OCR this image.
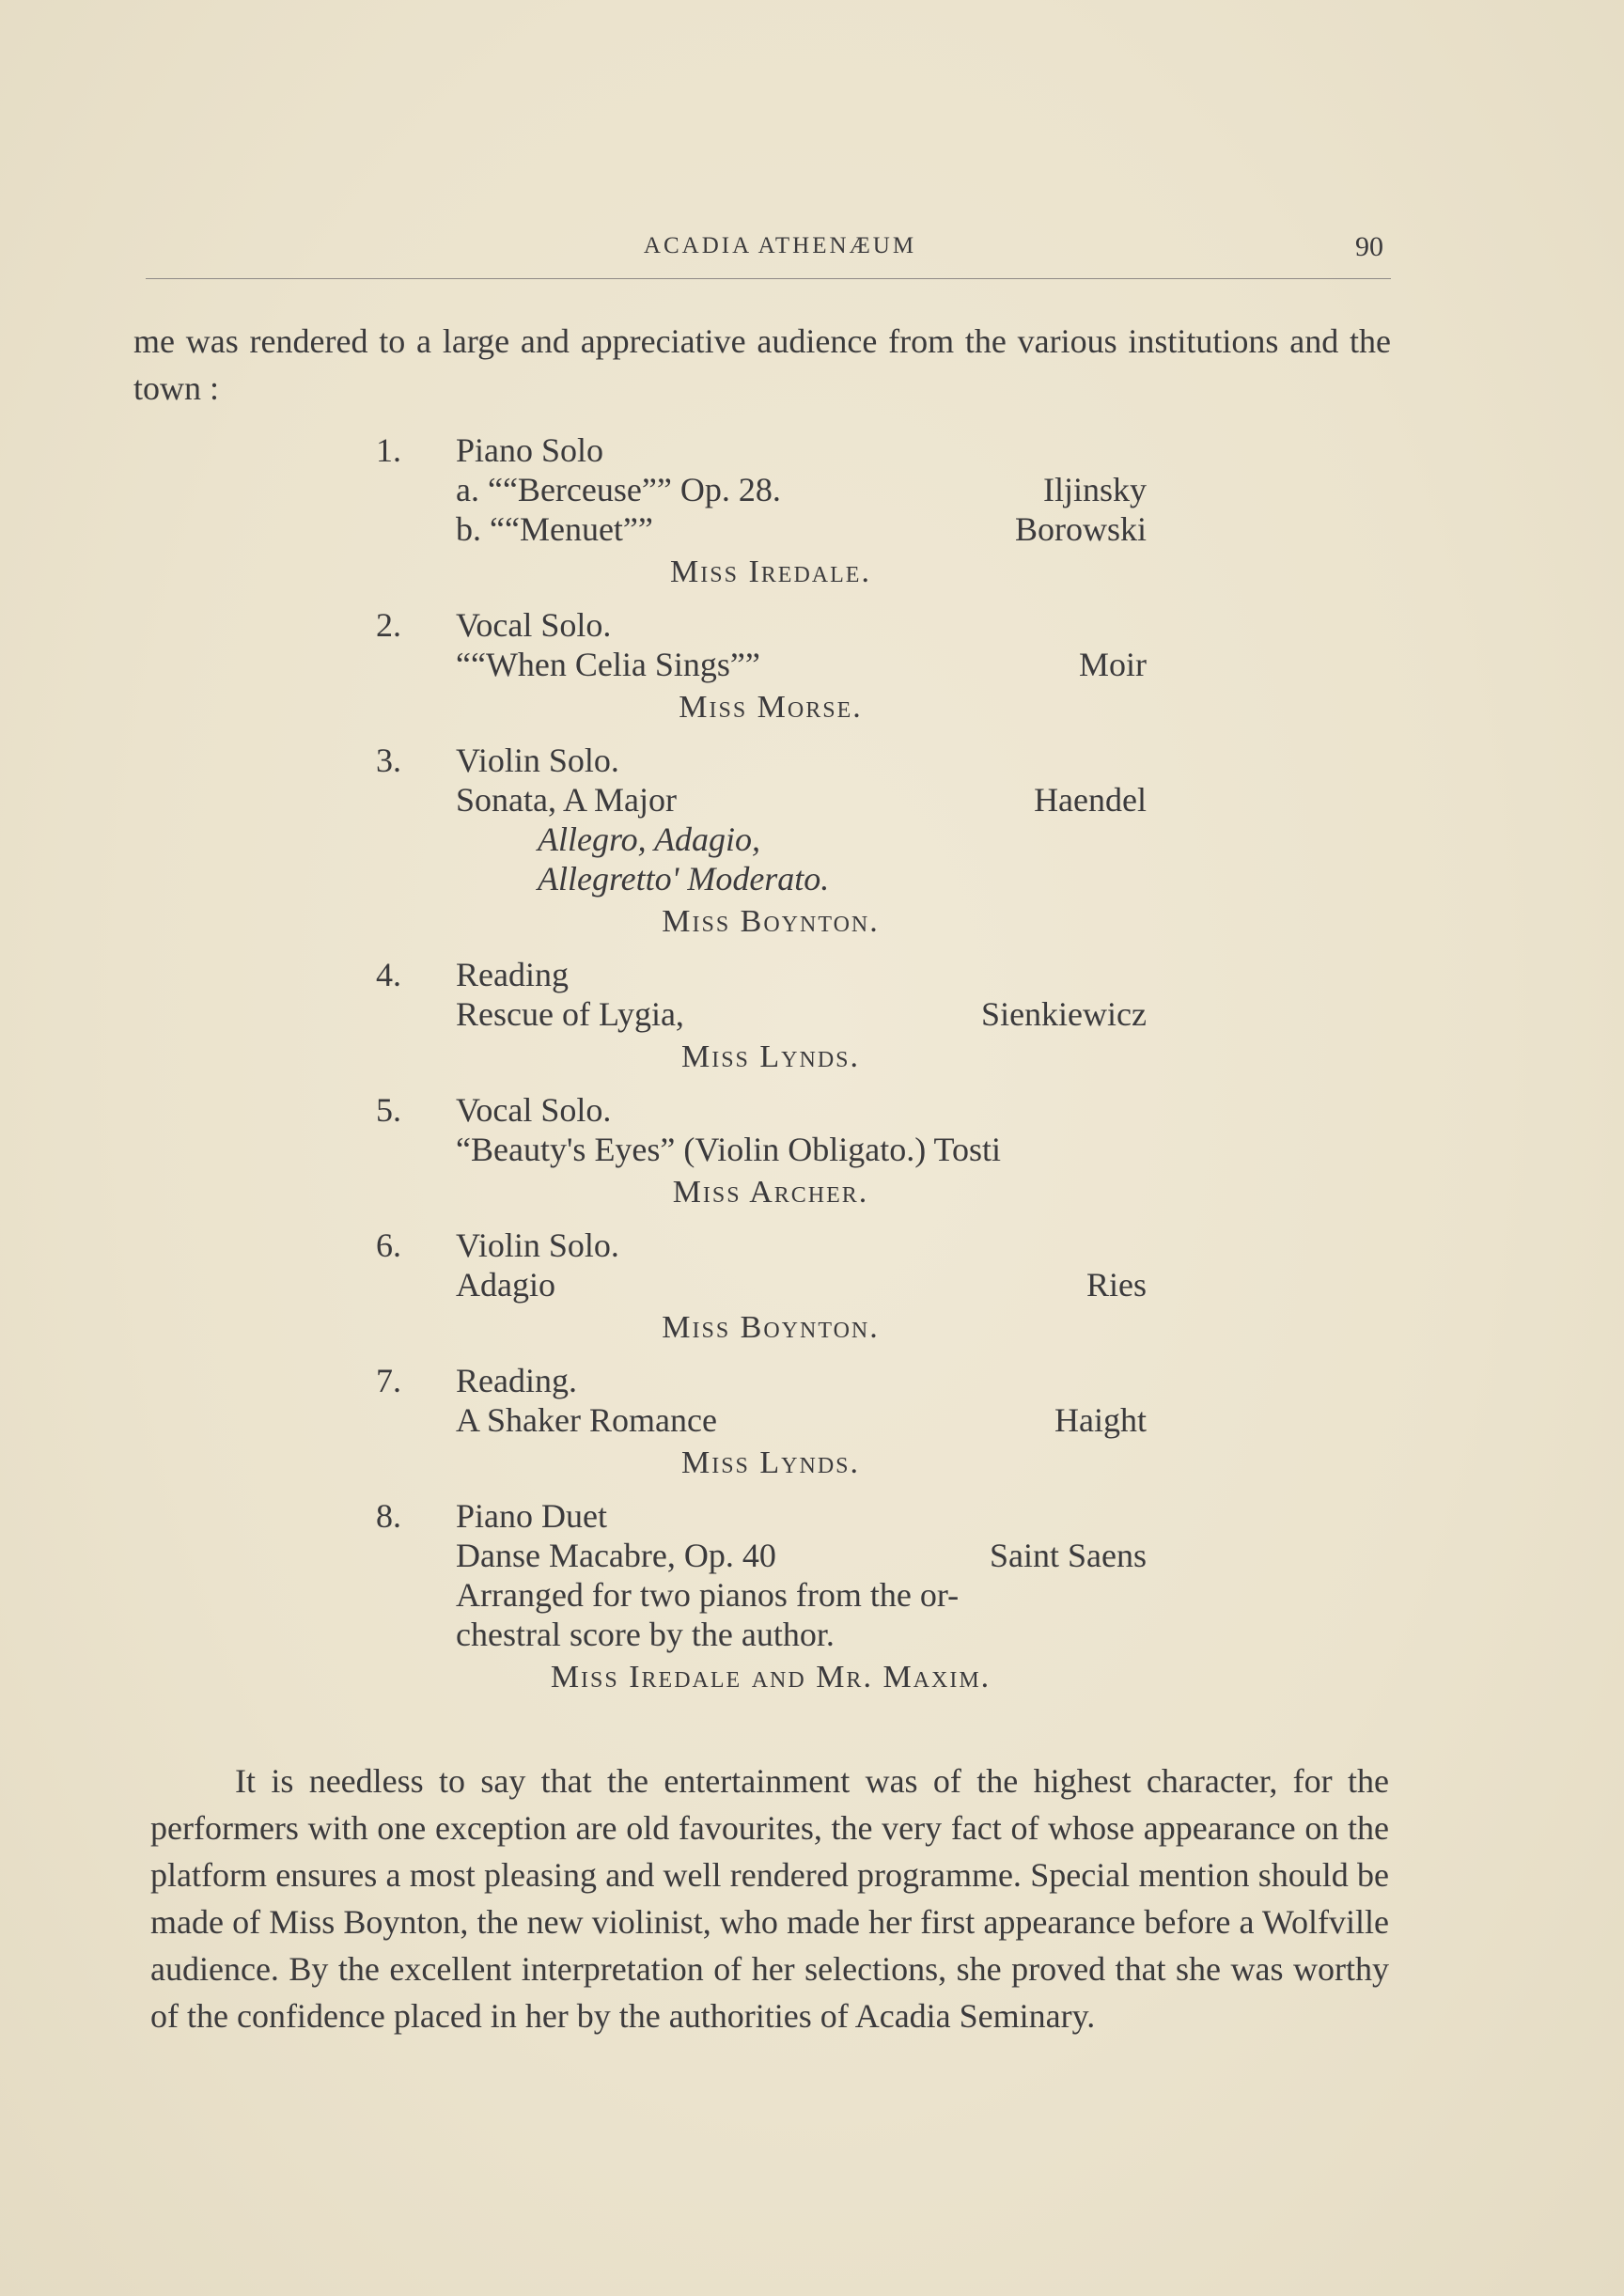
ACADIA ATHENÆUM	90
me was rendered to a large and appreciative audience from the various institutions and the town :
1.	Piano Solo
a. ““Berceuse”” Op. 28.	Iljinsky
b. ““Menuet””	Borowski
Miss Iredale.
2.	Vocal Solo.
““When Celia Sings””	Moir
Miss Morse.
3.	Violin Solo.
Sonata, A Major	Haendel
Allegro, Adagio,
Allegretto' Moderato.
Miss Boynton.
4.	Reading
Rescue of Lygia,	Sienkiewicz
Miss Lynds.
5.	Vocal Solo.
“Beauty's Eyes” (Violin Obligato.) Tosti
Miss Archer.
6.	Violin Solo.
Adagio	Ries
Miss Boynton.
7.	Reading.
A Shaker Romance	Haight
Miss Lynds.
8.	Piano Duet
Danse Macabre, Op. 40	Saint Saens
Arranged for two pianos from the or-
chestral score by the author.
Miss Iredale and Mr. Maxim.
It is needless to say that the entertainment was of the highest character, for the performers with one exception are old favourites, the very fact of whose appearance on the platform ensures a most pleasing and well rendered programme. Special mention should be made of Miss Boynton, the new violinist, who made her first appearance before a Wolfville audience. By the excellent interpretation of her selections, she proved that she was worthy of the confidence placed in her by the authorities of Acadia Seminary.
